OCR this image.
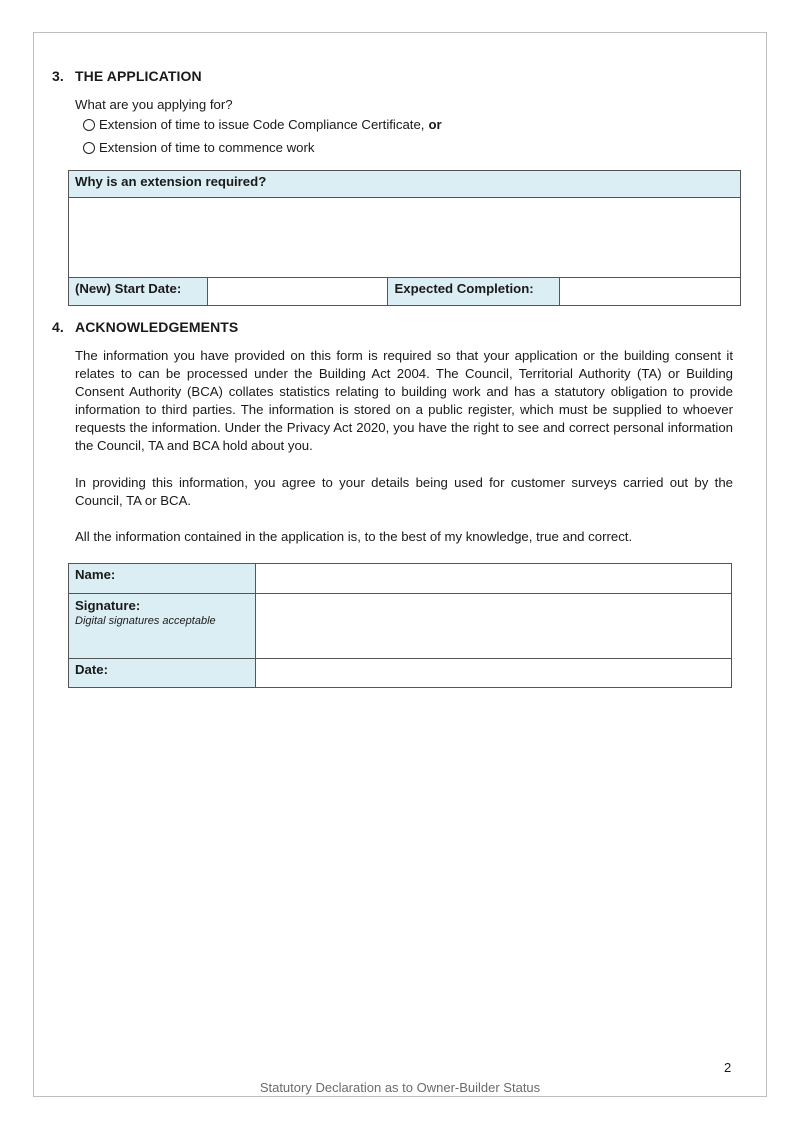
3. THE APPLICATION
What are you applying for?
Extension of time to issue Code Compliance Certificate, or
Extension of time to commence work
Why is an extension required?

(New) Start Date:		Expected Completion:	
4. ACKNOWLEDGEMENTS
The information you have provided on this form is required so that your application or the building consent it relates to can be processed under the Building Act 2004. The Council, Territorial Authority (TA) or Building Consent Authority (BCA) collates statistics relating to building work and has a statutory obligation to provide information to third parties. The information is stored on a public register, which must be supplied to whoever requests the information. Under the Privacy Act 2020, you have the right to see and correct personal information the Council, TA and BCA hold about you.
In providing this information, you agree to your details being used for customer surveys carried out by the Council, TA or BCA.
All the information contained in the application is, to the best of my knowledge, true and correct.
Name:	
Signature:
Digital signatures acceptable	

Date:	
2
Statutory Declaration as to Owner-Builder Status
